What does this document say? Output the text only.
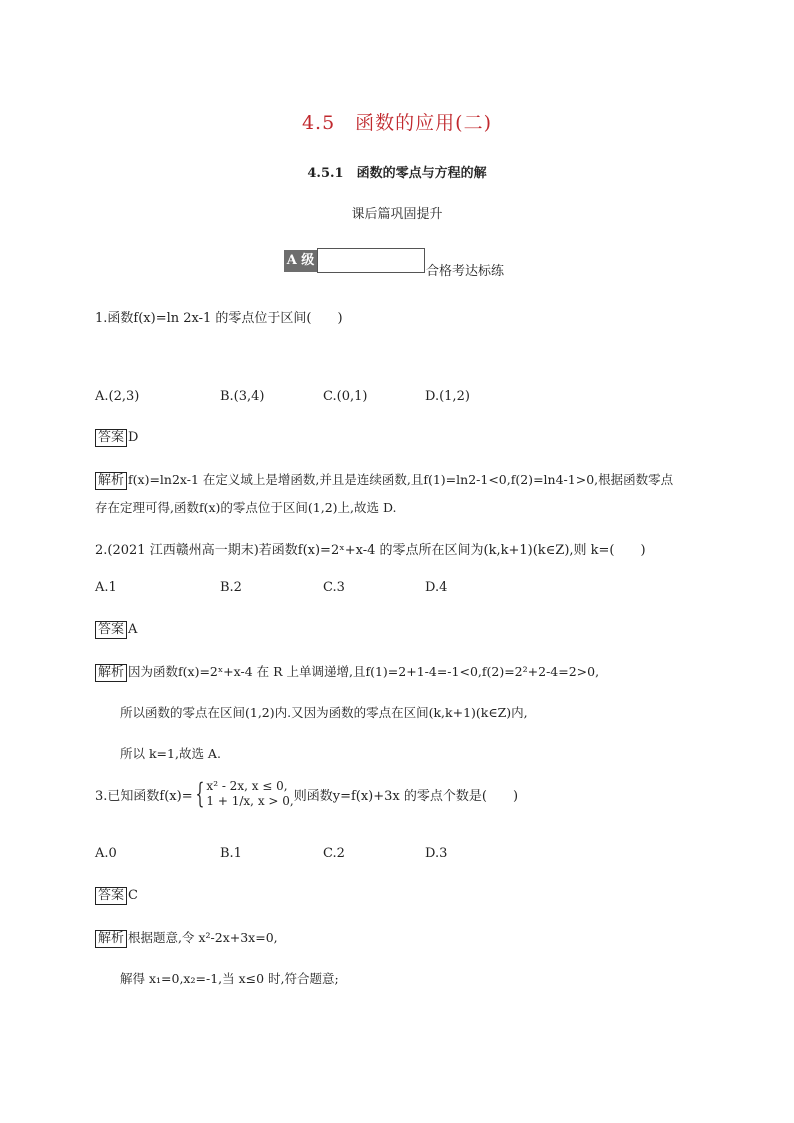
4.5　函数的应用(二)
4.5.1　函数的零点与方程的解
课后篇巩固提升
A 级
合格考达标练
1.函数f(x)=ln 2x-1 的零点位于区间(　　)
A.(2,3)	B.(3,4)	C.(0,1)	D.(1,2)
答案 D
解析 f(x)=ln2x-1 在定义域上是增函数,并且是连续函数,且f(1)=ln2-1<0,f(2)=ln4-1>0,根据函数零点
存在定理可得,函数f(x)的零点位于区间(1,2)上,故选 D.
2.(2021 江西赣州高一期末)若函数f(x)=2ˣ+x-4 的零点所在区间为(k,k+1)(k∈Z),则 k=(　　)
A.1	B.2	C.3	D.4
答案 A
解析 因为函数f(x)=2ˣ+x-4 在 R 上单调递增,且f(1)=2+1-4=-1<0,f(2)=2²+2-4=2>0,
所以函数的零点在区间(1,2)内.又因为函数的零点在区间(k,k+1)(k∈Z)内,
所以 k=1,故选 A.
3.已知函数f(x)={ x² - 2x, x ≤ 0,
1 + 1/x, x > 0, 则函数y=f(x)+3x 的零点个数是(　　)
A.0	B.1	C.2	D.3
答案 C
解析 根据题意,令 x²-2x+3x=0,
解得 x₁=0,x₂=-1,当 x≤0 时,符合题意;
